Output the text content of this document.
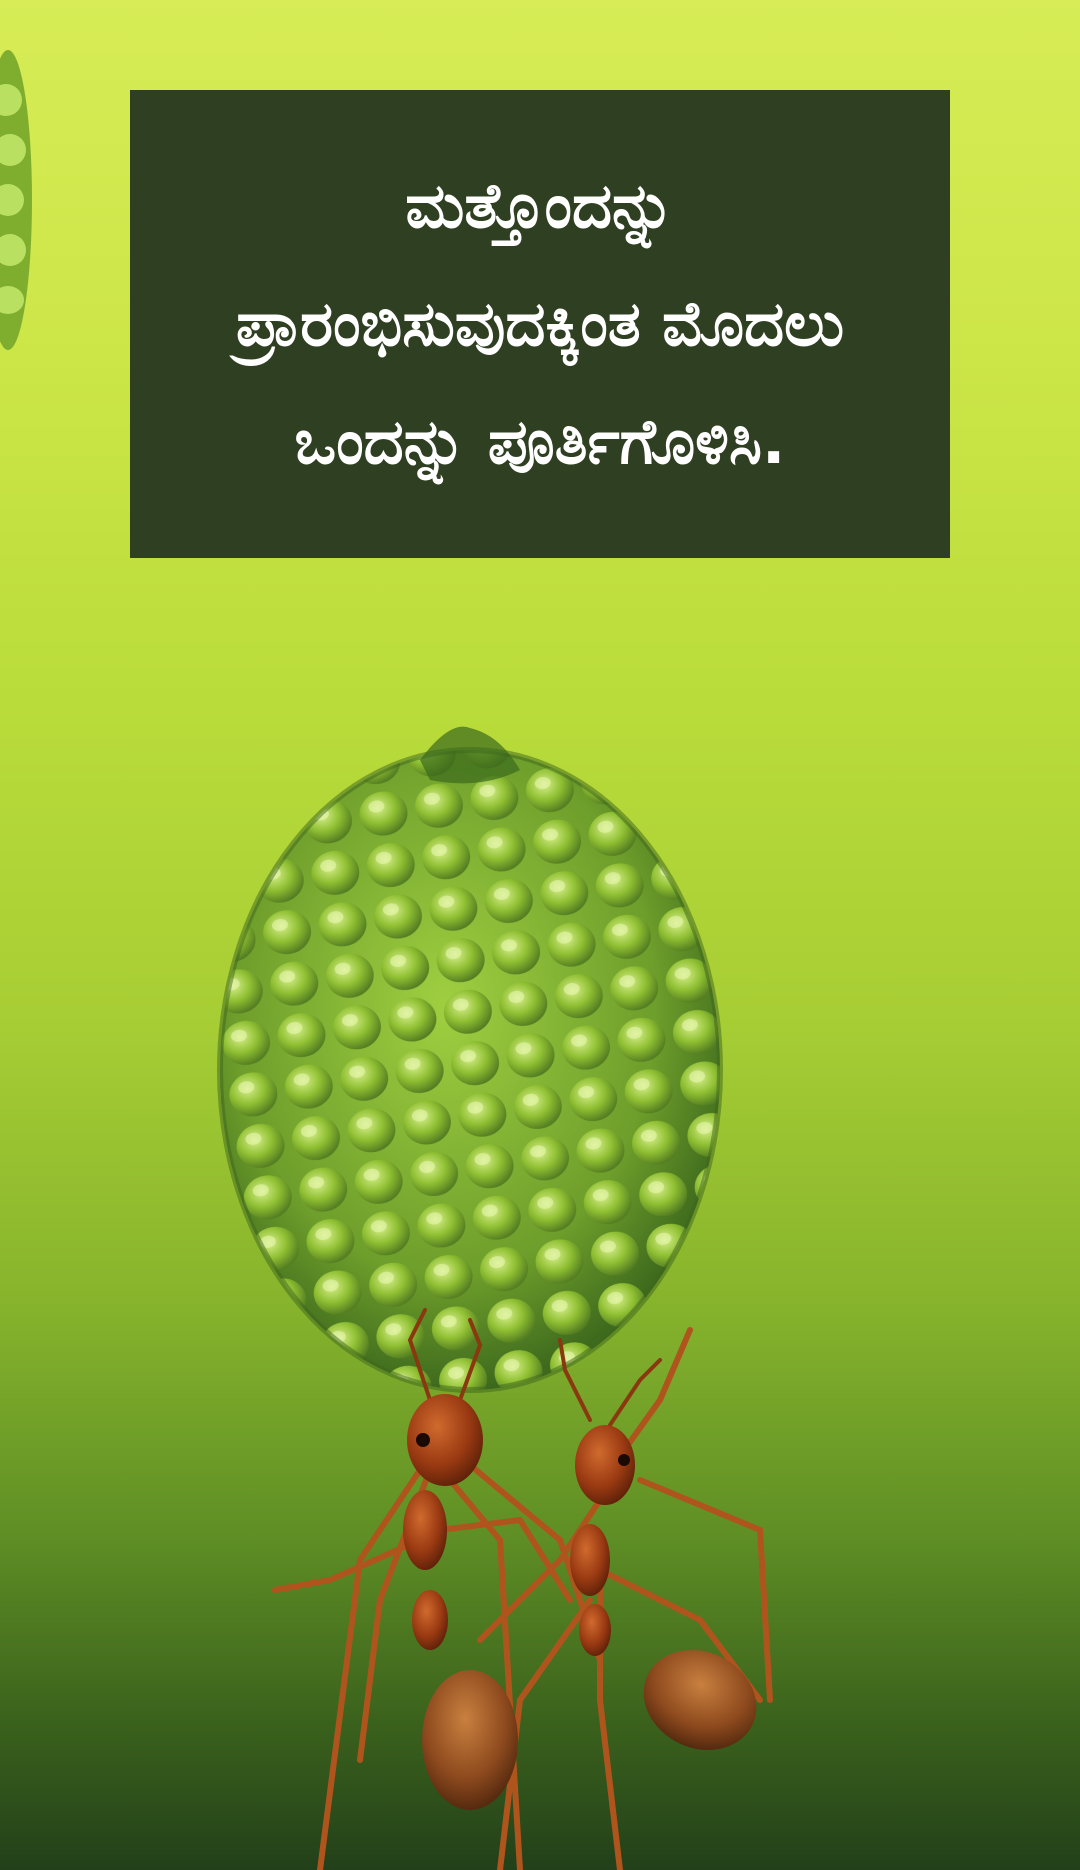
ಮತ್ತೊಂದನ್ನು
ಪ್ರಾರಂಭಿಸುವುದಕ್ಕಿಂತ ಮೊದಲು
ಒಂದನ್ನು ಪೂರ್ತಿಗೊಳಿಸಿ.
